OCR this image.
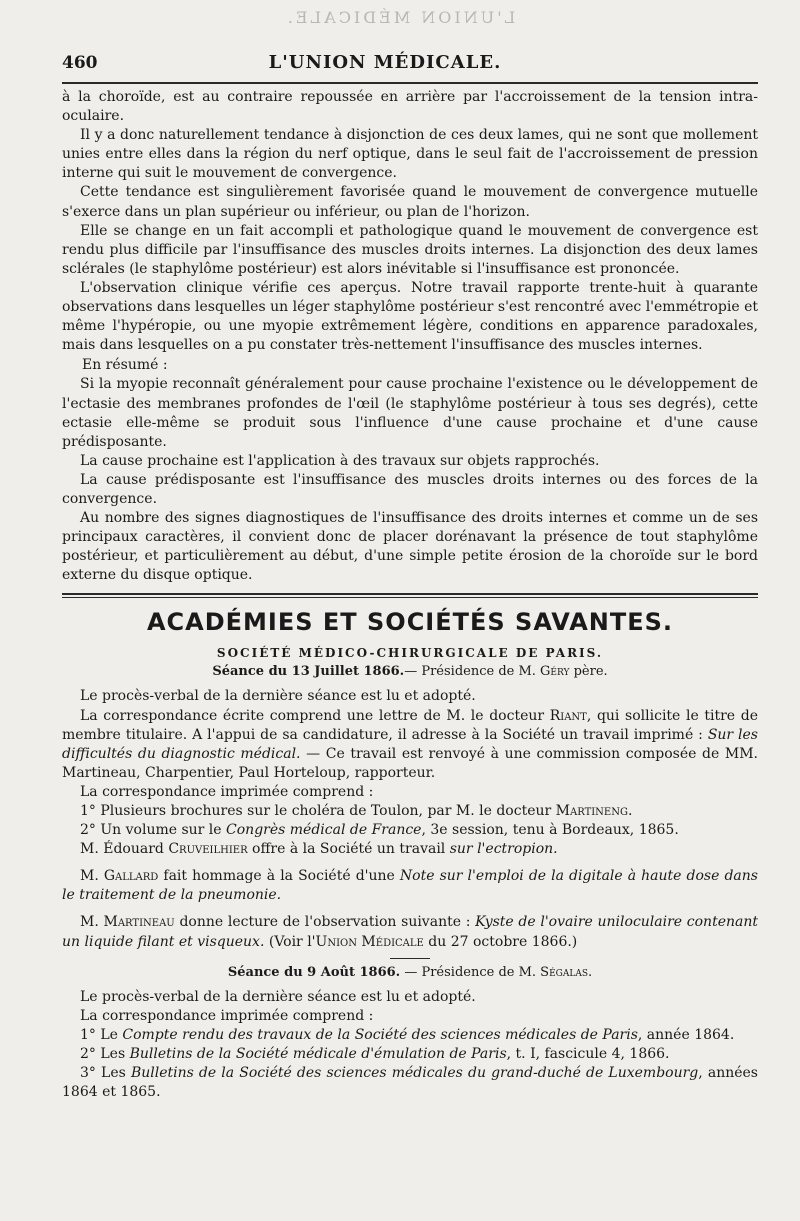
L'UNION MÉDICALE.
460	L'UNION MÉDICALE.

à la choroïde, est au contraire repoussée en arrière par l'accroissement de la tension intra-oculaire.

Il y a donc naturellement tendance à disjonction de ces deux lames, qui ne sont que mollement unies entre elles dans la région du nerf optique, dans le seul fait de l'accroissement de pression interne qui suit le mouvement de convergence.

Cette tendance est singulièrement favorisée quand le mouvement de convergence mutuelle s'exerce dans un plan supérieur ou inférieur, ou plan de l'horizon.

Elle se change en un fait accompli et pathologique quand le mouvement de convergence est rendu plus difficile par l'insuffisance des muscles droits internes. La disjonction des deux lames sclérales (le staphylôme postérieur) est alors inévitable si l'insuffisance est prononcée.

L'observation clinique vérifie ces aperçus. Notre travail rapporte trente-huit à quarante observations dans lesquelles un léger staphylôme postérieur s'est rencontré avec l'emmétropie et même l'hypéropie, ou une myopie extrêmement légère, conditions en apparence paradoxales, mais dans lesquelles on a pu constater très-nettement l'insuffisance des muscles internes.

En résumé :

Si la myopie reconnaît généralement pour cause prochaine l'existence ou le développement de l'ectasie des membranes profondes de l'œil (le staphylôme postérieur à tous ses degrés), cette ectasie elle-même se produit sous l'influence d'une cause prochaine et d'une cause prédisposante.

La cause prochaine est l'application à des travaux sur objets rapprochés.

La cause prédisposante est l'insuffisance des muscles droits internes ou des forces de la convergence.

Au nombre des signes diagnostiques de l'insuffisance des droits internes et comme un de ses principaux caractères, il convient donc de placer dorénavant la présence de tout staphylôme postérieur, et particulièrement au début, d'une simple petite érosion de la choroïde sur le bord externe du disque optique.

ACADÉMIES ET SOCIÉTÉS SAVANTES.
SOCIÉTÉ MÉDICO-CHIRURGICALE DE PARIS.
Séance du 13 Juillet 1866.— Présidence de M. Géry père.

Le procès-verbal de la dernière séance est lu et adopté.

La correspondance écrite comprend une lettre de M. le docteur Riant, qui sollicite le titre de membre titulaire. A l'appui de sa candidature, il adresse à la Société un travail imprimé : Sur les difficultés du diagnostic médical. — Ce travail est renvoyé à une commission composée de MM. Martineau, Charpentier, Paul Horteloup, rapporteur.

La correspondance imprimée comprend :

1° Plusieurs brochures sur le choléra de Toulon, par M. le docteur Martineng.

2° Un volume sur le Congrès médical de France, 3e session, tenu à Bordeaux, 1865.

M. Édouard Cruveilhier offre à la Société un travail sur l'ectropion.

M. Gallard fait hommage à la Société d'une Note sur l'emploi de la digitale à haute dose dans le traitement de la pneumonie.

M. Martineau donne lecture de l'observation suivante : Kyste de l'ovaire uniloculaire contenant un liquide filant et visqueux. (Voir l'Union Médicale du 27 octobre 1866.)

Séance du 9 Août 1866. — Présidence de M. Ségalas.

Le procès-verbal de la dernière séance est lu et adopté.

La correspondance imprimée comprend :

1° Le Compte rendu des travaux de la Société des sciences médicales de Paris, année 1864.

2° Les Bulletins de la Société médicale d'émulation de Paris, t. I, fascicule 4, 1866.

3° Les Bulletins de la Société des sciences médicales du grand-duché de Luxembourg, années 1864 et 1865.
